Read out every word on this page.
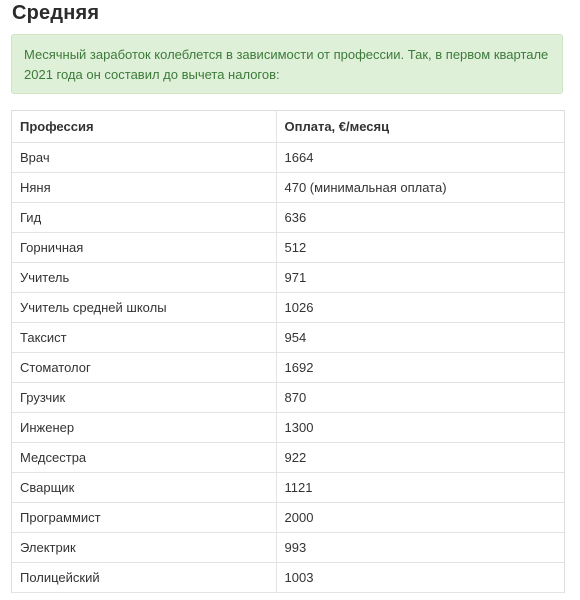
Средняя
Месячный заработок колеблется в зависимости от профессии. Так, в первом квартале 2021 года он составил до вычета налогов:
Профессия	Оплата, €/месяц
Врач	1664
Няня	470 (минимальная оплата)
Гид	636
Горничная	512
Учитель	971
Учитель средней школы	1026
Таксист	954
Стоматолог	1692
Грузчик	870
Инженер	1300
Медсестра	922
Сварщик	1121
Программист	2000
Электрик	993
Полицейский	1003
